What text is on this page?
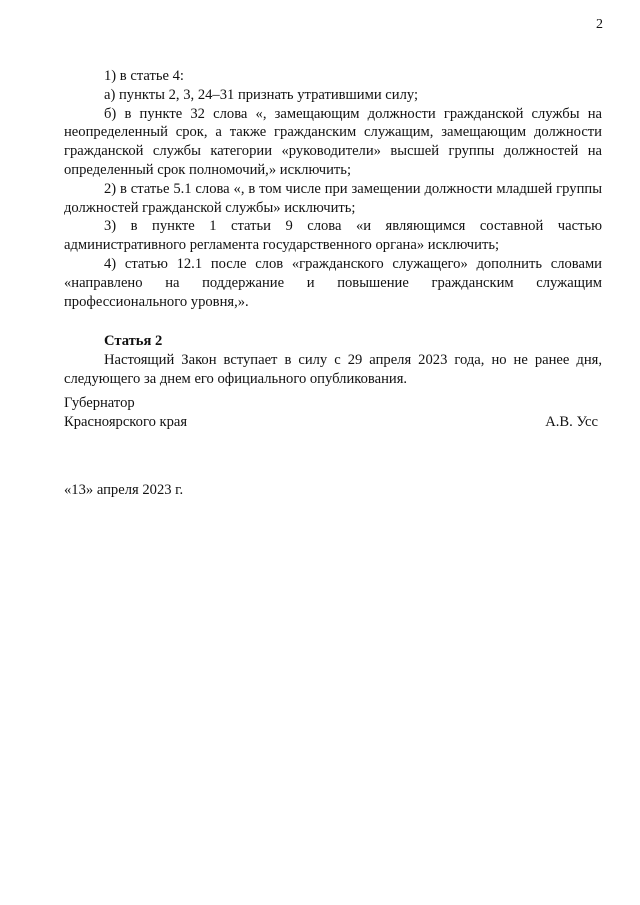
2

1) в статье 4:

а) пункты 2, 3, 24–31 признать утратившими силу;

б) в пункте 32 слова «, замещающим должности гражданской службы на неопределенный срок, а также гражданским служащим, замещающим должности гражданской службы категории «руководители» высшей группы должностей на определенный срок полномочий,» исключить;

2) в статье 5.1 слова «, в том числе при замещении должности младшей группы должностей гражданской службы» исключить;

3) в пункте 1 статьи 9 слова «и являющимся составной частью административного регламента государственного органа» исключить;

4) статью 12.1 после слов «гражданского служащего» дополнить словами «направлено на поддержание и повышение гражданским служащим профессионального уровня,».

Статья 2

Настоящий Закон вступает в силу с 29 апреля 2023 года, но не ранее дня, следующего за днем его официального опубликования.

Губернатор
Красноярского края	А.В. Усс
«13» апреля 2023 г.
